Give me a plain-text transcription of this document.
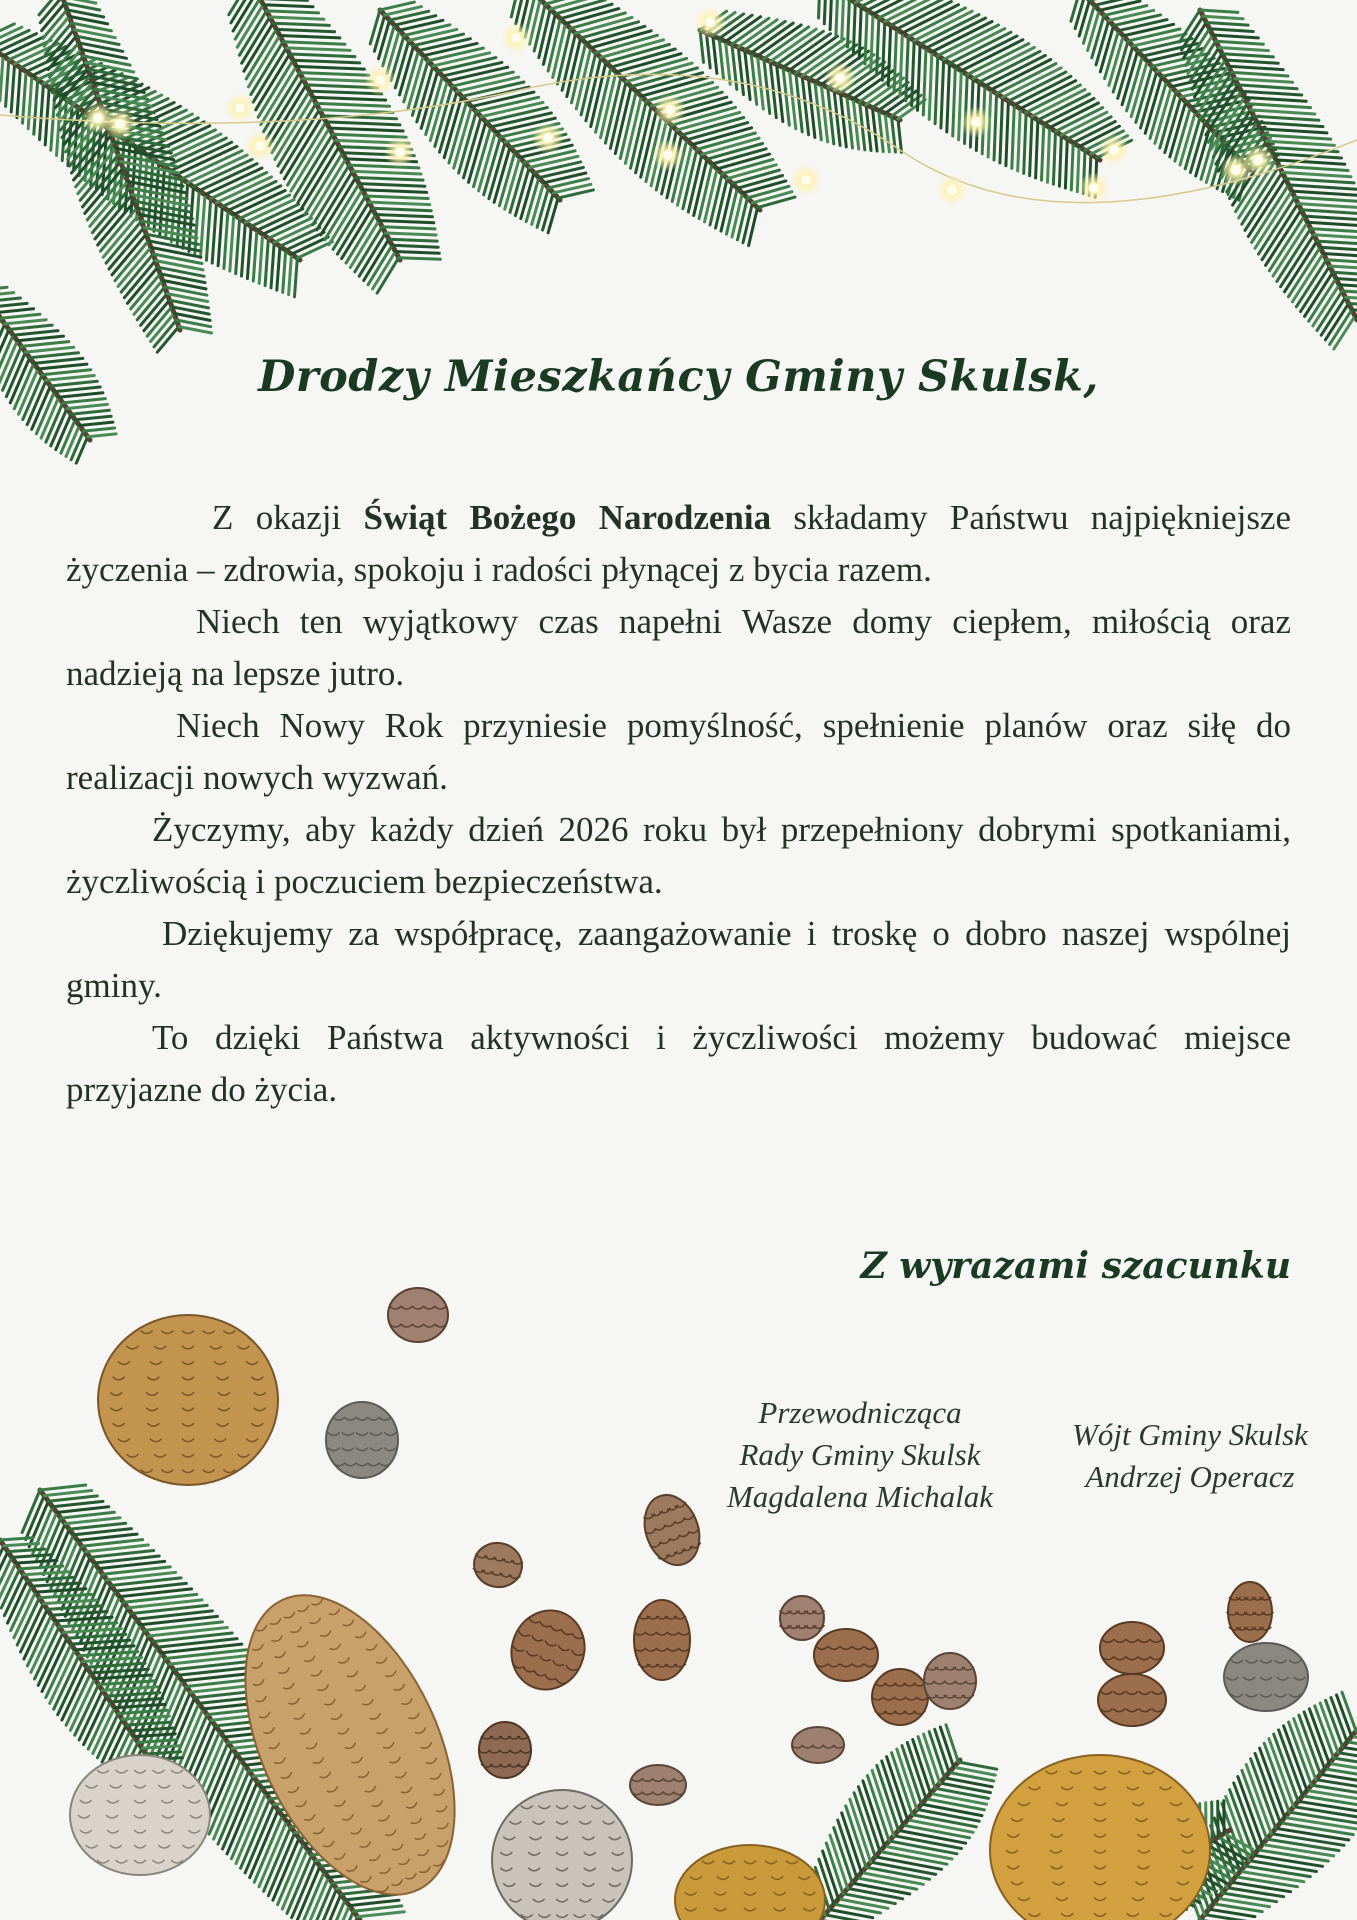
Drodzy Mieszkańcy Gminy Skulsk,

Z okazji Świąt Bożego Narodzenia składamy Państwu najpiękniejsze życzenia – zdrowia, spokoju i radości płynącej z bycia razem.

Niech ten wyjątkowy czas napełni Wasze domy ciepłem, miłością oraz nadzieją na lepsze jutro.

Niech Nowy Rok przyniesie pomyślność, spełnienie planów oraz siłę do realizacji nowych wyzwań.

Życzymy, aby każdy dzień 2026 roku był przepełniony dobrymi spotkaniami, życzliwością i poczuciem bezpieczeństwa.

Dziękujemy za współpracę, zaangażowanie i troskę o dobro naszej wspólnej gminy.

To dzięki Państwa aktywności i życzliwości możemy budować miejsce przyjazne do życia.

Z wyrazami szacunku
Przewodnicząca
Rady Gminy Skulsk
Magdalena Michalak
Wójt Gminy Skulsk
Andrzej Operacz
